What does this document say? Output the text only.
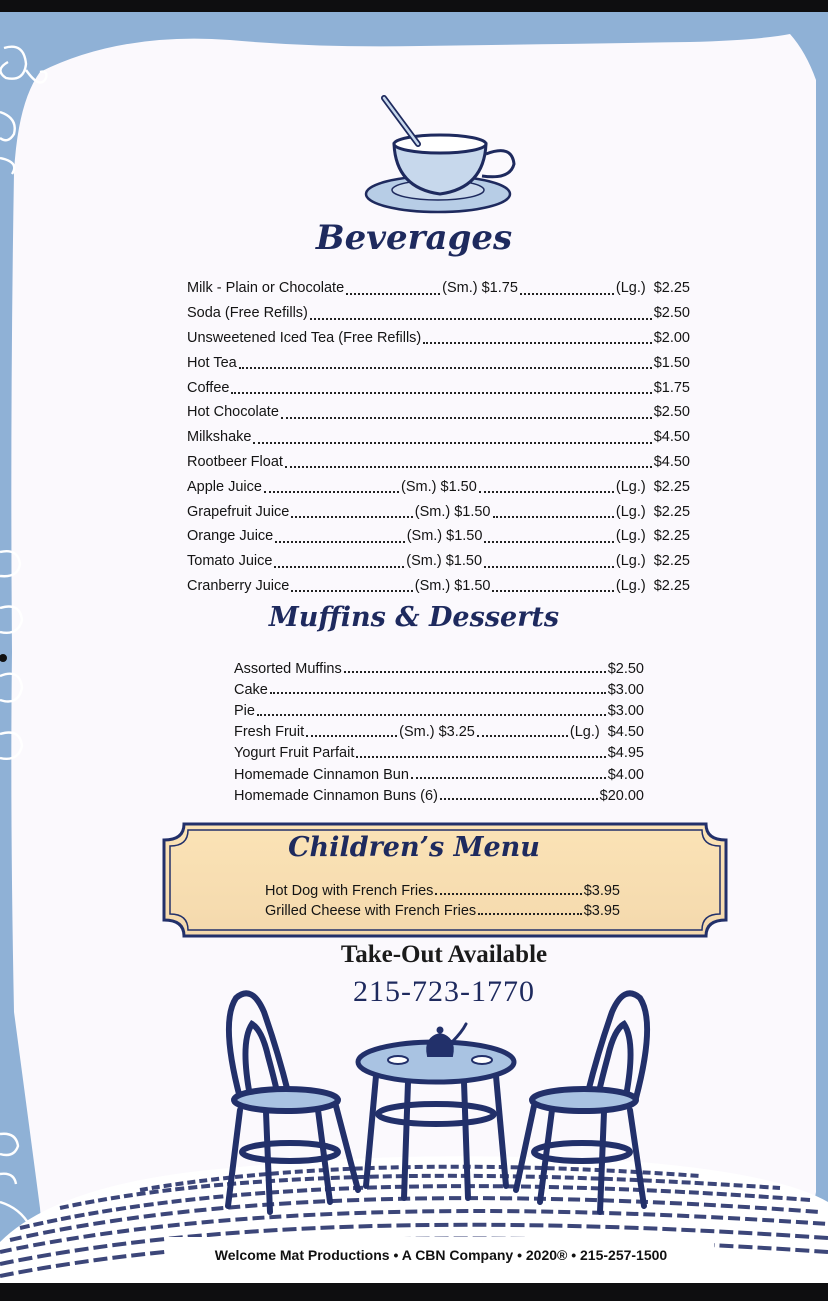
Beverages
Milk - Plain or Chocolate	(Sm.) $1.75	(Lg.) $2.25
Soda (Free Refills)	$2.50
Unsweetened Iced Tea (Free Refills)	$2.00
Hot Tea	$1.50
Coffee	$1.75
Hot Chocolate	$2.50
Milkshake	$4.50
Rootbeer Float	$4.50
Apple Juice	(Sm.) $1.50	(Lg.) $2.25
Grapefruit Juice	(Sm.) $1.50	(Lg.) $2.25
Orange Juice	(Sm.) $1.50	(Lg.) $2.25
Tomato Juice	(Sm.) $1.50	(Lg.) $2.25
Cranberry Juice	(Sm.) $1.50	(Lg.) $2.25
Muffins & Desserts
Assorted Muffins	$2.50
Cake	$3.00
Pie	$3.00
Fresh Fruit	(Sm.) $3.25	(Lg.) $4.50
Yogurt Fruit Parfait	$4.95
Homemade Cinnamon Bun	$4.00
Homemade Cinnamon Buns (6)	$20.00
Children’s Menu
Hot Dog with French Fries	$3.95
Grilled Cheese with French Fries	$3.95
Take-Out Available
215-723-1770
Welcome Mat Productions • A CBN Company • 2020® • 215-257-1500
